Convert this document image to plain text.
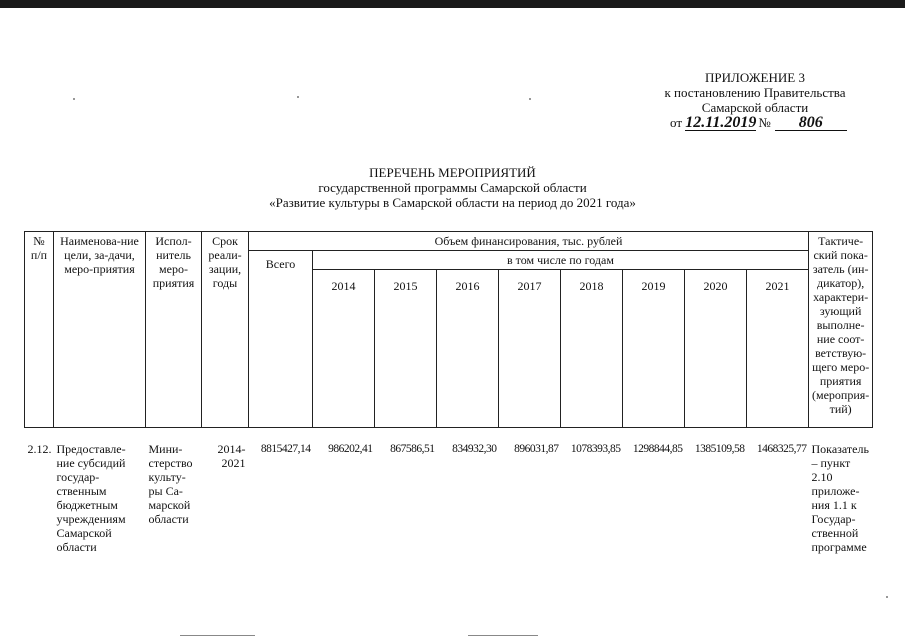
ПРИЛОЖЕНИЕ 3
к постановлению Правительства
Самарской области
от 12.11.2019 № 806
ПЕРЕЧЕНЬ МЕРОПРИЯТИЙ
государственной программы Самарской области
«Развитие культуры в Самарской области на период до 2021 года»
№ п/п	Наименова-ние цели, за-дачи, меро-приятия	Испол-нитель меро-приятия	Срок реали-зации, годы	Объем финансирования, тыс. рублей									Тактиче-ский пока-затель (ин-дикатор), характери-зующий выполне-ние соот-ветствую-щего меро-приятия (мероприя-тий)
				Всего	в том числе по годам								
					2014	2015	2016	2017	2018	2019	2020	2021	
2.12.	Предоставле-ние субсидий государ-ственным бюджетным учреждениям Самарской области	Мини-стерство культу-ры Са-марской области	2014-2021	8815427,14	986202,41	867586,51	834932,30	896031,87	1078393,85	1298844,85	1385109,58	1468325,77	Показатель – пункт 2.10 приложе-ния 1.1 к Государ-ственной программе
